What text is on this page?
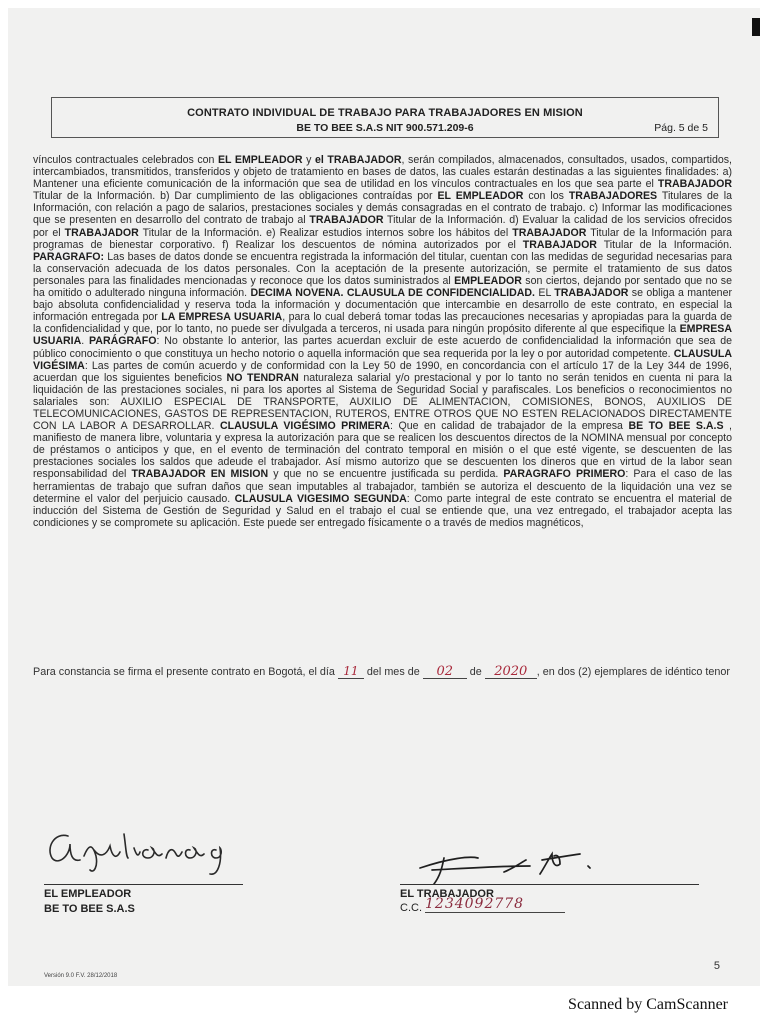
CONTRATO INDIVIDUAL DE TRABAJO PARA TRABAJADORES EN MISION
BE TO BEE S.A.S NIT 900.571.209-6	Pág. 5 de 5
vínculos contractuales celebrados con EL EMPLEADOR y el TRABAJADOR, serán compilados, almacenados, consultados, usados, compartidos, intercambiados, transmitidos, transferidos y objeto de tratamiento en bases de datos, las cuales estarán destinadas a las siguientes finalidades: a) Mantener una eficiente comunicación de la información que sea de utilidad en los vínculos contractuales en los que sea parte el TRABAJADOR Titular de la Información. b) Dar cumplimiento de las obligaciones contraídas por EL EMPLEADOR con los TRABAJADORES Titulares de la Información, con relación a pago de salarios, prestaciones sociales y demás consagradas en el contrato de trabajo. c) Informar las modificaciones que se presenten en desarrollo del contrato de trabajo al TRABAJADOR Titular de la Información. d) Evaluar la calidad de los servicios ofrecidos por el TRABAJADOR Titular de la Información. e) Realizar estudios internos sobre los hábitos del TRABAJADOR Titular de la Información para programas de bienestar corporativo. f) Realizar los descuentos de nómina autorizados por el TRABAJADOR Titular de la Información. PARAGRAFO: Las bases de datos donde se encuentra registrada la información del titular, cuentan con las medidas de seguridad necesarias para la conservación adecuada de los datos personales. Con la aceptación de la presente autorización, se permite el tratamiento de sus datos personales para las finalidades mencionadas y reconoce que los datos suministrados al EMPLEADOR son ciertos, dejando por sentado que no se ha omitido o adulterado ninguna información. DECIMA NOVENA. CLAUSULA DE CONFIDENCIALIDAD. EL TRABAJADOR se obliga a mantener bajo absoluta confidencialidad y reserva toda la información y documentación que intercambie en desarrollo de este contrato, en especial la información entregada por LA EMPRESA USUARIA, para lo cual deberá tomar todas las precauciones necesarias y apropiadas para la guarda de la confidencialidad y que, por lo tanto, no puede ser divulgada a terceros, ni usada para ningún propósito diferente al que especifique la EMPRESA USUARIA. PARÁGRAFO: No obstante lo anterior, las partes acuerdan excluir de este acuerdo de confidencialidad la información que sea de público conocimiento o que constituya un hecho notorio o aquella información que sea requerida por la ley o por autoridad competente. CLAUSULA VIGÉSIMA: Las partes de común acuerdo y de conformidad con la Ley 50 de 1990, en concordancia con el artículo 17 de la Ley 344 de 1996, acuerdan que los siguientes beneficios NO TENDRAN naturaleza salarial y/o prestacional y por lo tanto no serán tenidos en cuenta ni para la liquidación de las prestaciones sociales, ni para los aportes al Sistema de Seguridad Social y parafiscales. Los beneficios o reconocimientos no salariales son: AUXILIO ESPECIAL DE TRANSPORTE, AUXILIO DE ALIMENTACION, COMISIONES, BONOS, AUXILIOS DE TELECOMUNICACIONES, GASTOS DE REPRESENTACION, RUTEROS, ENTRE OTROS QUE NO ESTEN RELACIONADOS DIRECTAMENTE CON LA LABOR A DESARROLLAR. CLAUSULA VIGÉSIMO PRIMERA: Que en calidad de trabajador de la empresa BE TO BEE S.A.S , manifiesto de manera libre, voluntaria y expresa la autorización para que se realicen los descuentos directos de la NOMINA mensual por concepto de préstamos o anticipos y que, en el evento de terminación del contrato temporal en misión o el que esté vigente, se descuenten de las prestaciones sociales los saldos que adeude el trabajador. Así mismo autorizo que se descuenten los dineros que en virtud de la labor sean responsabilidad del TRABAJADOR EN MISION y que no se encuentre justificada su perdida. PARAGRAFO PRIMERO: Para el caso de las herramientas de trabajo que sufran daños que sean imputables al trabajador, también se autoriza el descuento de la liquidación una vez se determine el valor del perjuicio causado. CLAUSULA VIGESIMO SEGUNDA: Como parte integral de este contrato se encuentra el material de inducción del Sistema de Gestión de Seguridad y Salud en el trabajo el cual se entiende que, una vez entregado, el trabajador acepta las condiciones y se compromete su aplicación. Este puede ser entregado físicamente o a través de medios magnéticos,
Para constancia se firma el presente contrato en Bogotá, el día 11 del mes de 02 de 2020 , en dos (2) ejemplares de idéntico tenor
EL EMPLEADOR
BE TO BEE S.A.S
EL TRABAJADOR
C.C. 1234092778
Versión 9.0 F.V. 28/12/2018
5
Scanned by CamScanner
